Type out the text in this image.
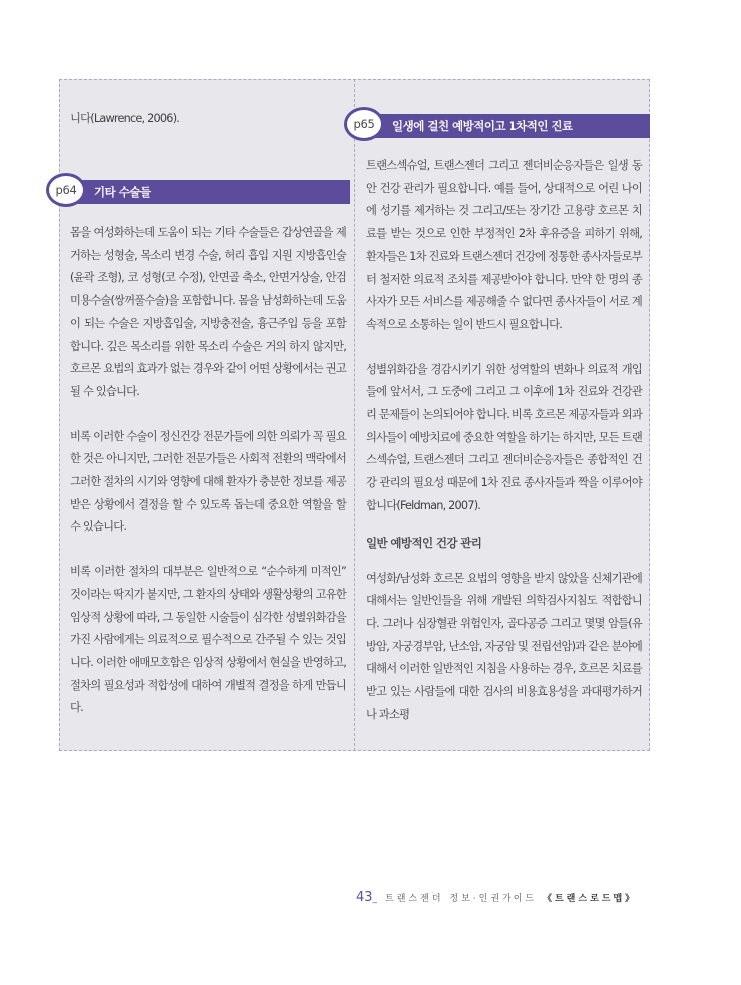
니다(Lawrence, 2006).

p64	기타 수술들

몸을 여성화하는데 도움이 되는 기타 수술들은 갑상연골을 제거하는 성형술, 목소리 변경 수술, 허리 흡입 지원 지방흡인술(윤곽 조형), 코 성형(코 수정), 안면골 축소, 안면거상술, 안검미용수술(쌍꺼풀수술)을 포함합니다. 몸을 남성화하는데 도움이 되는 수술은 지방흡입술, 지방충전술, 흉근주입 등을 포함합니다. 깊은 목소리를 위한 목소리 수술은 거의 하지 않지만, 호르몬 요법의 효과가 없는 경우와 같이 어떤 상황에서는 권고될 수 있습니다.

비록 이러한 수술이 정신건강 전문가들에 의한 의뢰가 꼭 필요한 것은 아니지만, 그러한 전문가들은 사회적 전환의 맥락에서 그러한 절차의 시기와 영향에 대해 환자가 충분한 정보를 제공받은 상황에서 결정을 할 수 있도록 돕는데 중요한 역할을 할 수 있습니다.

비록 이러한 절차의 대부분은 일반적으로 “순수하게 미적인” 것이라는 딱지가 붙지만, 그 환자의 상태와 생활상황의 고유한 임상적 상황에 따라, 그 동일한 시술들이 심각한 성별위화감을 가진 사람에게는 의료적으로 필수적으로 간주될 수 있는 것입니다. 이러한 애매모호함은 임상적 상황에서 현실을 반영하고, 절차의 필요성과 적합성에 대하여 개별적 결정을 하게 만듭니다.

p65	일생에 걸친 예방적이고 1차적인 진료

트랜스섹슈얼, 트랜스젠더 그리고 젠더비순응자들은 일생 동안 건강 관리가 필요합니다. 예를 들어, 상대적으로 어린 나이에 성기를 제거하는 것 그리고/또는 장기간 고용량 호르몬 치료를 받는 것으로 인한 부정적인 2차 후유증을 피하기 위해, 환자들은 1차 진료와 트랜스젠더 건강에 정통한 종사자들로부터 철저한 의료적 조치를 제공받아야 합니다. 만약 한 명의 종사자가 모든 서비스를 제공해줄 수 없다면 종사자들이 서로 계속적으로 소통하는 일이 반드시 필요합니다.

성별위화감을 경감시키기 위한 성역할의 변화나 의료적 개입들에 앞서서, 그 도중에 그리고 그 이후에 1차 진료와 건강관리 문제들이 논의되어야 합니다. 비록 호르몬 제공자들과 외과의사들이 예방치료에 중요한 역할을 하기는 하지만, 모든 트랜스섹슈얼, 트랜스젠더 그리고 젠더비순응자들은 종합적인 건강 관리의 필요성 때문에 1차 진료 종사자들과 짝을 이루어야 합니다(Feldman, 2007).

일반 예방적인 건강 관리

여성화/남성화 호르몬 요법의 영향을 받지 않았을 신체기관에 대해서는 일반인들을 위해 개발된 의학검사지침도 적합합니다. 그러나 심장혈관 위험인자, 골다공증 그리고 몇몇 암들(유방암, 자궁경부암, 난소암, 자궁암 및 전립선암)과 같은 분야에 대해서 이러한 일반적인 지침을 사용하는 경우, 호르몬 치료를 받고 있는 사람들에 대한 검사의 비용효용성을 과대평가하거나 과소평

43_ 트랜스젠더 정보·인권가이드 《트랜스로드맵》
